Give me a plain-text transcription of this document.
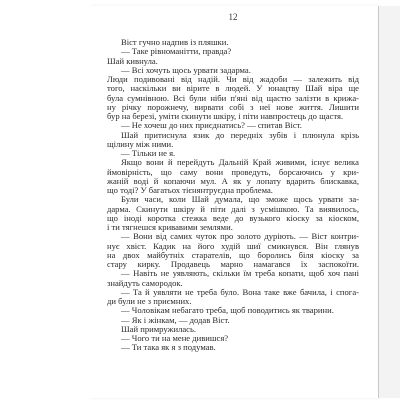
12
Віст гучно надпив із пляшки.
— Таке рівноманітти, правда?
Шай кивнула.
— Всі хочуть щось урвати задарма.
Люди подивовані від надій. Чи від жадоби — залежить від
того, наскільки ви вірите в людей. У юнацтву Шай віра ще
була сумнівною. Всі були ніби п'яні від щастю залізти в крижа-
ну річку порожнечу, вирвати собі з неї нове життя. Лишити
бур на березі, уміти скинути шкіру, і піти навпростець до щастя.
— Не хочеш до них приєднатись? — спитав Віст.
Шай притиснула язик до передніх зубів і плюнула крізь
щілину між ними.
— Тільки не я.
Якщо вони й перейдуть Дальній Край живими, існує великa
ймовірність, що саму вони проведуть, борсаючись у кри-
жаній воді й копаючи мул. А як у лопату вдарить блискавка,
що тоді? У багатьох тієнянтруєдна проблема.
Були часи, коли Шай думала, що зможе щось урвати за-
дарма. Скинути шкіру й піти далі з усмішкою. Та виявилось,
що іноді коротка стежка веде до вузького кіоску за кіоском,
і ти тягнешся кривавими землями.
— Вони від самих чуток про золото дуріють. — Віст контри-
нує хвіст. Кадик на його худій шиї смикнувся. Він глянув
на двох майбутніх старателів, що боролись біля кіоску за
стару кирку. Продавець марно намагався їх заспокоїти.
— Навіть не уявляють, скільки їм треба копати, щоб хоч пані
знайдуть самородок.
— Та й уявляти не треба було. Вона таке вже бачила, і спога-
ди були не з приємних.
— Чоловікам небагато треба, щоб поводитись як тварини.
— Як і жінкам, — додав Віст.
Шай примружилась.
— Чого ти на мене дивишся?
— Ти така як я з подумав.
